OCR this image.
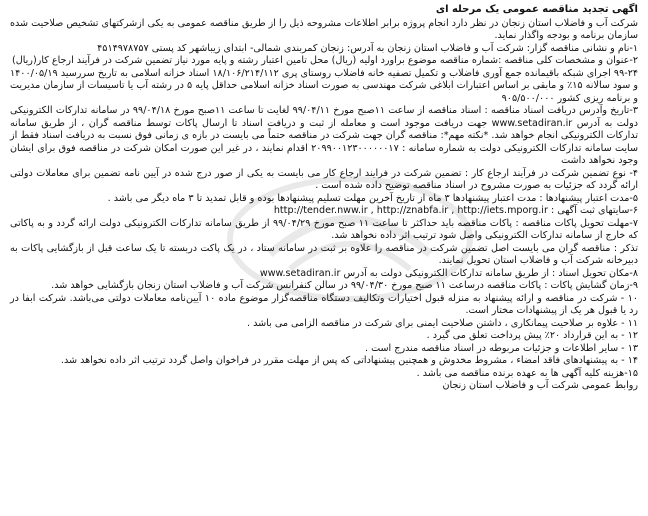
اگهی تجدید مناقصه عمومی یک مرحله ای

شرکت آب و فاضلاب استان زنجان در نظر دارد انجام پروژه برابر اطلاعات مشروحه ذیل را از طریق مناقصه عمومی به یکی ازشرکتهای تشخیص صلاحیت شده سازمان برنامه و بودجه واگذار نماید.

۱-نام و نشانی مناقصه گزار: شرکت آب و فاضلاب استان زنجان به آدرس: زنجان کمربندی شمالی- ابتدای زیباشهر کد پستی ۴۵۱۴۹۷۸۷۵۷

۲-عنوان و مشخصات کلی مناقصه :شماره مناقصه موضوع براورد اولیه (ریال) محل تامین اعتبار رشته و پایه مورد نیاز تضمین شرکت در فرآیند ارجاع کار(ریال)

۹۹-۲۴ اجرای شبکه باقیمانده جمع آوری فاضلاب و تکمیل تصفیه خانه فاضلاب روستای پری ۱۸/۱۰۶/۲۱۴/۱۱۲ اسناد خزانه اسلامی به تاریخ سررسید ۱۴۰۰/۰۵/۱۹ و سود سالانه ۱۵٪ و مابقی بر اساس اعتبارات ابلاغی شرکت مهندسی به صورت اسناد خزانه اسلامی حداقل پایه ۵ در رشته آب یا تاسیسات از سازمان مدیریت و برنامه ریزی کشور ۹۰۵/۵۰۰/۰۰۰

۳-تاریخ وآدرس دریافت اسناد مناقصه : اسناد مناقصه از ساعت ۱۱صبح مورخ ۹۹/۰۴/۱۱ لغایت تا ساعت ۱۱صبح مورخ ۹۹/۰۴/۱۸ در سامانه تدارکات الکترونیکی دولت به آدرس www.setadiran.ir جهت دریافت موجود است و معامله از ثبت و دریافت اسناد تا ارسال پاکات توسط مناقصه گران ، از طریق سامانه تدارکات الکترونیکی انجام خواهد شد. *نکته مهم*: مناقصه گران جهت شرکت در مناقصه حتماً می بایست در بازه ی زمانی فوق نسبت به دریافت اسناد فقط از سایت سامانه تدارکات الکترونیکی دولت به شماره سامانه : ۲۰۹۹۰۰۱۲۳۰۰۰۰۰۰۱۷ اقدام نمایند ، در غیر این صورت امکان شرکت در مناقصه فوق برای ایشان وجود نخواهد داشت

۴- نوع تضمین شرکت در فرآیند ارجاع کار : تضمین شرکت در فرایند ارجاع کار می بایست به یکی از صور درج شده در آیین نامه تضمین برای معاملات دولتی ارائه گردد که جزئیات به صورت مشروح در اسناد مناقصه توضیح داده شده است .

۵-مدت اعتبار پیشنهادها : مدت اعتبار پیشنهادها ۳ ماه از تاریخ آخرین مهلت تسلیم پیشنهادها بوده و قابل تمدید تا ۳ ماه دیگر می باشد .

۶-سایتهای ثبت آگهی : http://tender.nww.ir , http://znabfa.ir , http://iets.mporg.ir

۷-مهلت تحویل پاکات مناقصه : پاکات مناقصه باید حداکثر تا ساعت ۱۱ صبح مورخ ۹۹/۰۴/۲۹ از طریق سامانه تدارکات الکترونیکی دولت ارائه گردد و به پاکاتی که خارج از سامانه تدارکات الکترونیکی واصل شود ترتیب اثر داده نخواهد شد.

تذکر : مناقصه گران می بایست اصل تضمین شرکت در مناقصه را علاوه بر ثبت در سامانه ستاد ، در یک پاکت دربسته تا یک ساعت قبل از بازگشایی پاکات به دبیرخانه شرکت آب و فاضلاب استان تحویل نمایند.

۸-مکان تحویل اسناد : از طریق سامانه تدارکات الکترونیکی دولت به آدرس www.setadiran.ir

۹-زمان گشایش پاکات : پاکات مناقصه درساعت ۱۱ صبح مورخ ۹۹/۰۴/۳۰ در سالن کنفرانس شرکت آب و فاضلاب استان زنجان بازگشایی خواهد شد.

۱۰ - شرکت در مناقصه و ارائه پیشنهاد به منزله قبول اختیارات وتکالیف دستگاه مناقصه‌گزار موضوع ماده ۱۰ آیین‌نامه معاملات دولتی می‌باشد. شرکت ابفا در رد یا قبول هر یک از پیشنهادات مختار است.

۱۱ - علاوه بر صلاحیت پیمانکاری ، داشتن صلاحیت ایمنی برای شرکت در مناقصه الزامی می باشد .

۱۲ - به این قرارداد ۲۰٪ پیش پرداخت تعلق می گیرد .

۱۳ - سایر اطلاعات و جزئیات مربوطه در اسناد مناقصه مندرج است .

۱۴ - به پیشنهادهای فاقد امضاء ، مشروط مخدوش و همچنین پیشنهاداتی که پس از مهلت مقرر در فراخوان واصل گردد ترتیب اثر داده نخواهد شد.

۱۵-هزینه کلیه آگهی ها به عهده برنده مناقصه می باشد .

روابط عمومی شرکت آب و فاضلاب استان زنجان
